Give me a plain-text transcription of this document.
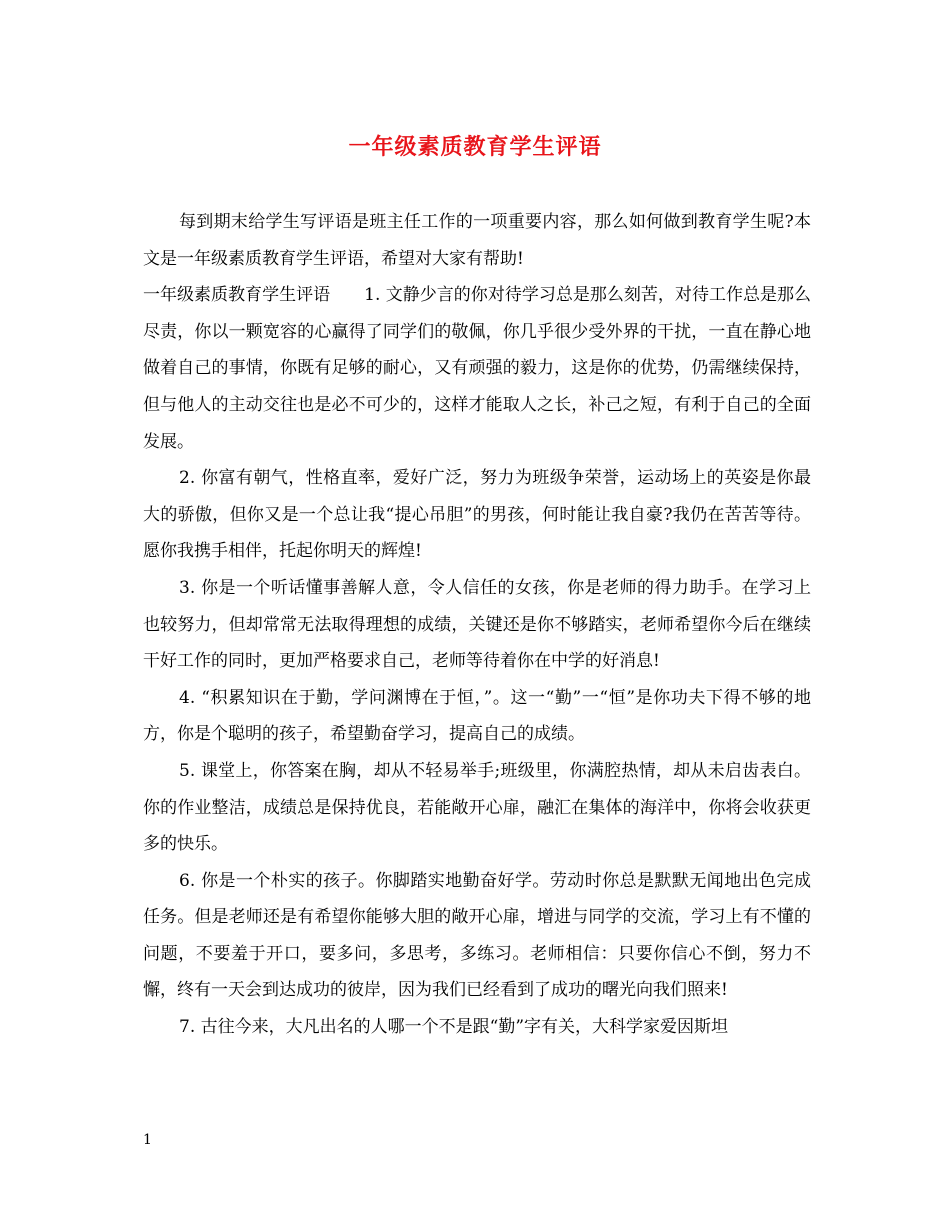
一年级素质教育学生评语

每到期末给学生写评语是班主任工作的一项重要内容，那么如何做到教育学生呢?本文是一年级素质教育学生评语，希望对大家有帮助!

一年级素质教育学生评语　　1. 文静少言的你对待学习总是那么刻苦，对待工作总是那么尽责，你以一颗宽容的心赢得了同学们的敬佩，你几乎很少受外界的干扰，一直在静心地做着自己的事情，你既有足够的耐心，又有顽强的毅力，这是你的优势，仍需继续保持，但与他人的主动交往也是必不可少的，这样才能取人之长，补己之短，有利于自己的全面发展。

2. 你富有朝气，性格直率，爱好广泛，努力为班级争荣誉，运动场上的英姿是你最大的骄傲，但你又是一个总让我“提心吊胆”的男孩，何时能让我自豪?我仍在苦苦等待。愿你我携手相伴，托起你明天的辉煌!

3. 你是一个听话懂事善解人意，令人信任的女孩，你是老师的得力助手。在学习上也较努力，但却常常无法取得理想的成绩，关键还是你不够踏实，老师希望你今后在继续干好工作的同时，更加严格要求自己，老师等待着你在中学的好消息!

4. “积累知识在于勤，学问渊博在于恒，”。这一“勤”一“恒”是你功夫下得不够的地方，你是个聪明的孩子，希望勤奋学习，提高自己的成绩。

5. 课堂上，你答案在胸，却从不轻易举手;班级里，你满腔热情，却从未启齿表白。你的作业整洁，成绩总是保持优良，若能敞开心扉，融汇在集体的海洋中，你将会收获更多的快乐。

6. 你是一个朴实的孩子。你脚踏实地勤奋好学。劳动时你总是默默无闻地出色完成任务。但是老师还是有希望你能够大胆的敞开心扉，增进与同学的交流，学习上有不懂的问题，不要羞于开口，要多问，多思考，多练习。老师相信：只要你信心不倒，努力不懈，终有一天会到达成功的彼岸，因为我们已经看到了成功的曙光向我们照来!

7. 古往今来，大凡出名的人哪一个不是跟“勤”字有关，大科学家爱因斯坦

1
